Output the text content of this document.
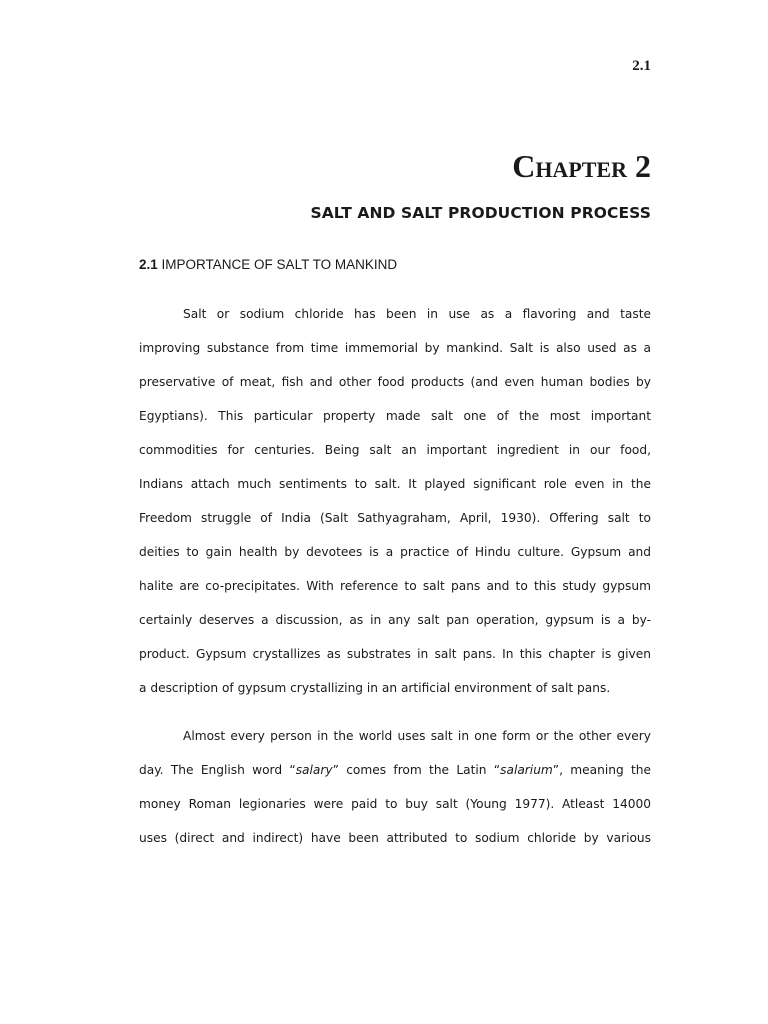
2.1
CHAPTER 2
SALT AND SALT PRODUCTION PROCESS
2.1 IMPORTANCE OF SALT TO MANKIND
Salt or sodium chloride has been in use as a flavoring and taste
improving substance from time immemorial by mankind. Salt is also used as a
preservative of meat, fish and other food products (and even human bodies by
Egyptians). This particular property made salt one of the most important
commodities for centuries. Being salt an important ingredient in our food,
Indians attach much sentiments to salt. It played significant role even in the
Freedom struggle of India (Salt Sathyagraham, April, 1930). Offering salt to
deities to gain health by devotees is a practice of Hindu culture. Gypsum and
halite are co-precipitates. With reference to salt pans and to this study gypsum
certainly deserves a discussion, as in any salt pan operation, gypsum is a by-
product. Gypsum crystallizes as substrates in salt pans. In this chapter is given
a description of gypsum crystallizing in an artificial environment of salt pans.
Almost every person in the world uses salt in one form or the other every
day. The English word “salary” comes from the Latin “salarium”, meaning the
money Roman legionaries were paid to buy salt (Young 1977). Atleast 14000
uses (direct and indirect) have been attributed to sodium chloride by various
